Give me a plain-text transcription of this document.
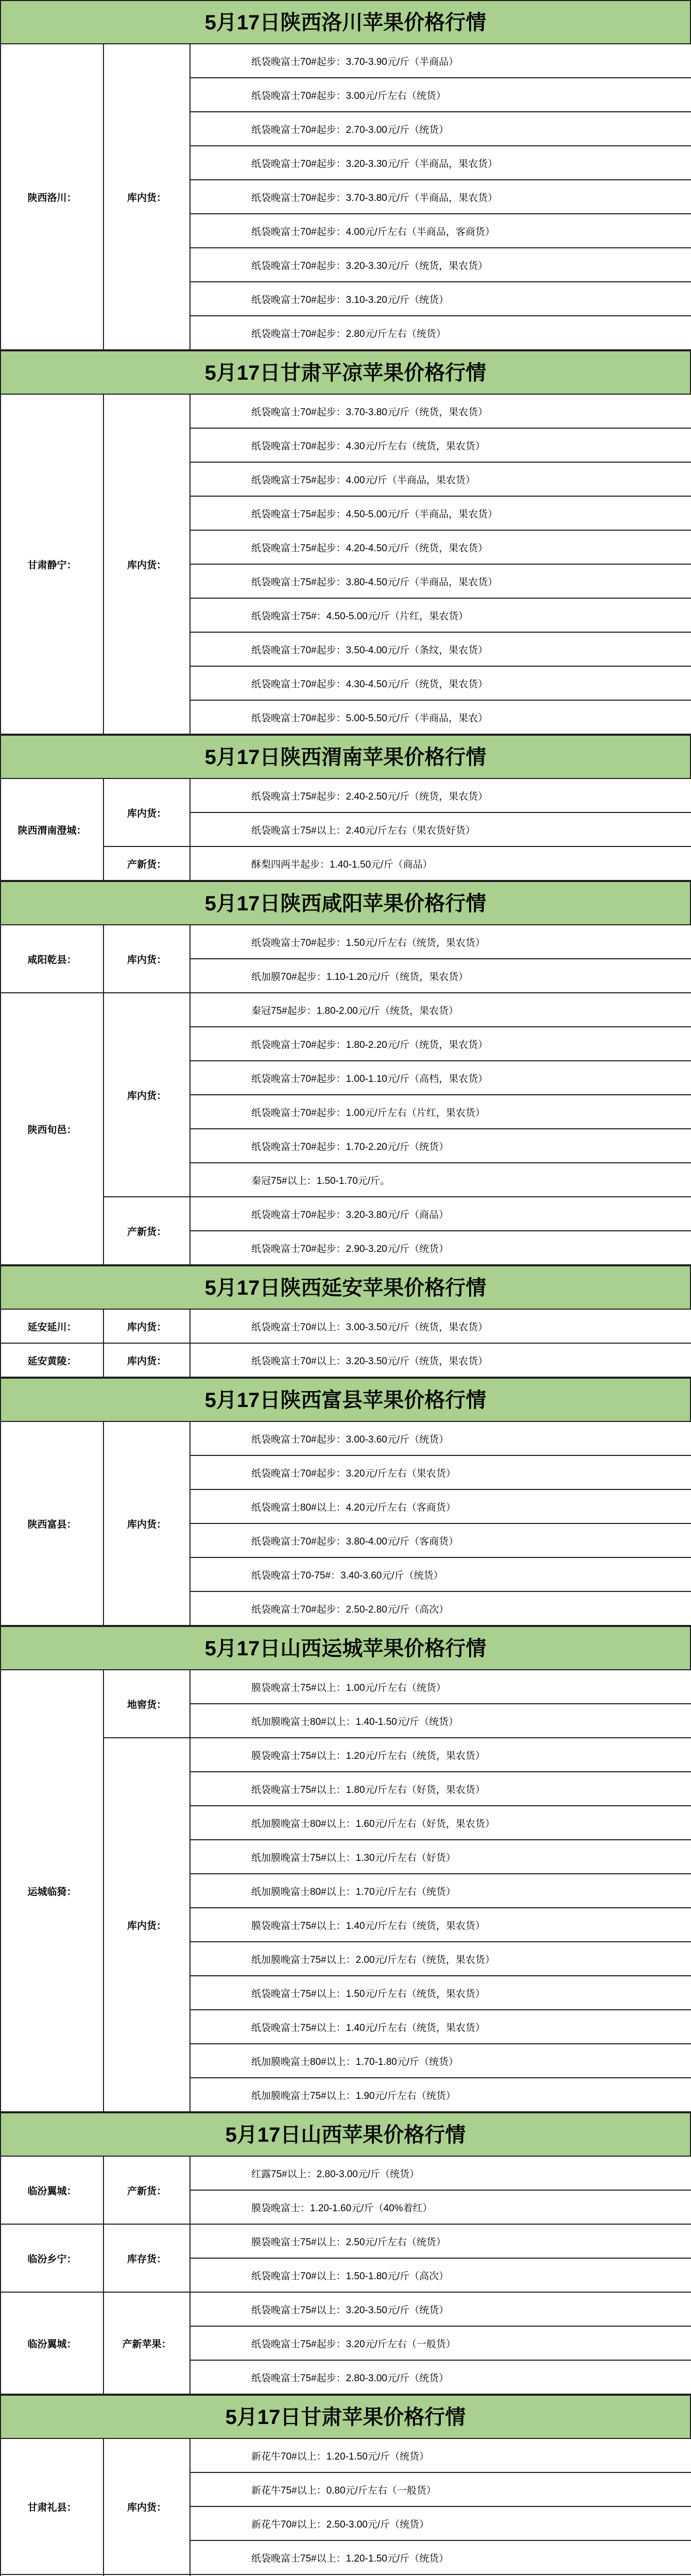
5月17日陕西洛川苹果价格行情
陕西洛川：	库内货：	纸袋晚富士70#起步：3.70-3.90元/斤（半商品）
纸袋晚富士70#起步：3.00元/斤左右（统货）
纸袋晚富士70#起步：2.70-3.00元/斤（统货）
纸袋晚富士70#起步：3.20-3.30元/斤（半商品，果农货）
纸袋晚富士70#起步：3.70-3.80元/斤（半商品，果农货）
纸袋晚富士70#起步：4.00元/斤左右（半商品，客商货）
纸袋晚富士70#起步：3.20-3.30元/斤（统货，果农货）
纸袋晚富士70#起步：3.10-3.20元/斤（统货）
纸袋晚富士70#起步：2.80元/斤左右（统货）
5月17日甘肃平凉苹果价格行情
甘肃静宁：	库内货：	纸袋晚富士70#起步：3.70-3.80元/斤（统货，果农货）
纸袋晚富士70#起步：4.30元/斤左右（统货，果农货）
纸袋晚富士75#起步：4.00元/斤（半商品，果农货）
纸袋晚富士75#起步：4.50-5.00元/斤（半商品，果农货）
纸袋晚富士75#起步：4.20-4.50元/斤（统货，果农货）
纸袋晚富士75#起步：3.80-4.50元/斤（半商品，果农货）
纸袋晚富士75#：4.50-5.00元/斤（片红，果农货）
纸袋晚富士70#起步：3.50-4.00元/斤（条纹，果农货）
纸袋晚富士70#起步：4.30-4.50元/斤（统货，果农货）
纸袋晚富士70#起步：5.00-5.50元/斤（半商品，果农）
5月17日陕西渭南苹果价格行情
陕西渭南澄城：	库内货：	纸袋晚富士75#起步：2.40-2.50元/斤（统货，果农货）
		纸袋晚富士75#以上：2.40元/斤左右（果农货好货）
	产新货：	酥梨四两半起步：1.40-1.50元/斤（商品）
5月17日陕西咸阳苹果价格行情
咸阳乾县：	库内货：	纸袋晚富士70#起步：1.50元/斤左右（统货，果农货）
		纸加膜70#起步：1.10-1.20元/斤（统货，果农货）
陕西旬邑：	库内货：	秦冠75#起步：1.80-2.00元/斤（统货，果农货）
		纸袋晚富士70#起步：1.80-2.20元/斤（统货，果农货）
		纸袋晚富士70#起步：1.00-1.10元/斤（高档，果农货）
		纸袋晚富士70#起步：1.00元/斤左右（片红，果农货）
		纸袋晚富士70#起步：1.70-2.20元/斤（统货）
		秦冠75#以上：1.50-1.70元/斤。
	产新货：	纸袋晚富士70#起步：3.20-3.80元/斤（商品）
		纸袋晚富士70#起步：2.90-3.20元/斤（统货）
5月17日陕西延安苹果价格行情
延安延川：	库内货：	纸袋晚富士70#以上：3.00-3.50元/斤（统货，果农货）
延安黄陵：	库内货：	纸袋晚富士70#以上：3.20-3.50元/斤（统货，果农货）
5月17日陕西富县苹果价格行情
陕西富县：	库内货：	纸袋晚富士70#起步：3.00-3.60元/斤（统货）
纸袋晚富士70#起步：3.20元/斤左右（果农货）
纸袋晚富士80#以上：4.20元/斤左右（客商货）
纸袋晚富士70#起步：3.80-4.00元/斤（客商货）
纸袋晚富士70-75#：3.40-3.60元/斤（统货）
纸袋晚富士70#起步：2.50-2.80元/斤（高次）
5月17日山西运城苹果价格行情
运城临猗：	地窖货：	膜袋晚富士75#以上：1.00元/斤左右（统货）
		纸加膜晚富士80#以上：1.40-1.50元/斤（统货）
	库内货：	膜袋晚富士75#以上：1.20元/斤左右（统货，果农货）
		纸袋晚富士75#以上：1.80元/斤左右（好货，果农货）
		纸加膜晚富士80#以上：1.60元/斤左右（好货，果农货）
		纸加膜晚富士75#以上：1.30元/斤左右（好货）
		纸加膜晚富士80#以上：1.70元/斤左右（统货）
		膜袋晚富士75#以上：1.40元/斤左右（统货，果农货）
		纸加膜晚富士75#以上：2.00元/斤左右（统货，果农货）
		纸袋晚富士75#以上：1.50元/斤左右（统货，果农货）
		纸袋晚富士75#以上：1.40元/斤左右（统货，果农货）
		纸加膜晚富士80#以上：1.70-1.80元/斤（统货）
		纸加膜晚富士75#以上：1.90元/斤左右（统货）
5月17日山西苹果价格行情
临汾翼城：	产新货：	红露75#以上：2.80-3.00元/斤（统货）
		膜袋晚富士：1.20-1.60元/斤（40%着红）
临汾乡宁：	库存货：	膜袋晚富士75#以上：2.50元/斤左右（统货）
		纸袋晚富士70#以上：1.50-1.80元/斤（高次）
临汾翼城：	产新苹果：	纸袋晚富士75#以上：3.20-3.50元/斤（统货）
		纸袋晚富士75#起步：3.20元/斤左右（一般货）
		纸袋晚富士75#起步：2.80-3.00元/斤（统货）
5月17日甘肃苹果价格行情
甘肃礼县：	库内货：	新花牛70#以上：1.20-1.50元/斤（统货）
		新花牛75#以上：0.80元/斤左右（一般货）
		新花牛70#以上：2.50-3.00元/斤（统货）
		纸袋晚富士75#以上：1.20-1.50元/斤（统货）
